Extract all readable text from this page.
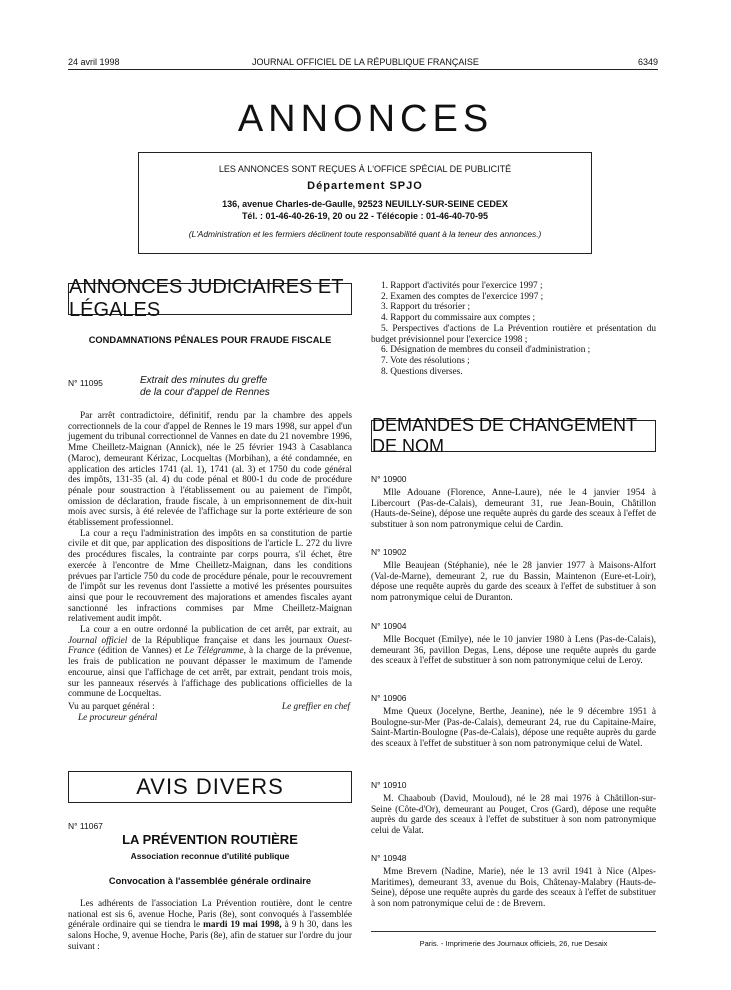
24 avril 1998	JOURNAL OFFICIEL DE LA RÉPUBLIQUE FRANÇAISE	6349
ANNONCES
LES ANNONCES SONT REÇUES À L'OFFICE SPÉCIAL DE PUBLICITÉ
Département SPJO
136, avenue Charles-de-Gaulle, 92523 NEUILLY-SUR-SEINE CEDEX
Tél. : 01-46-40-26-19, 20 ou 22 - Télécopie : 01-46-40-70-95
(L'Administration et les fermiers déclinent toute responsabilité quant à la teneur des annonces.)
ANNONCES JUDICIAIRES ET LÉGALES
CONDAMNATIONS PÉNALES POUR FRAUDE FISCALE
N° 11095	Extrait des minutes du greffe
de la cour d'appel de Rennes

Par arrêt contradictoire, définitif, rendu par la chambre des appels correctionnels de la cour d'appel de Rennes le 19 mars 1998, sur appel d'un jugement du tribunal correctionnel de Vannes en date du 21 novembre 1996, Mme Cheilletz-Maignan (Annick), née le 25 février 1943 à Casablanca (Maroc), demeurant Kérizac, Locqueltas (Morbihan), a été condamnée, en application des articles 1741 (al. 1), 1741 (al. 3) et 1750 du code général des impôts, 131-35 (al. 4) du code pénal et 800-1 du code de procédure pénale pour soustraction à l'établissement ou au paiement de l'impôt, omission de déclaration, fraude fiscale, à un emprisonnement de dix-huit mois avec sursis, à été relevée de l'affichage sur la porte extérieure de son établissement professionnel.

La cour a reçu l'administration des impôts en sa constitution de partie civile et dit que, par application des dispositions de l'article L. 272 du livre des procédures fiscales, la contrainte par corps pourra, s'il échet, être exercée à l'encontre de Mme Cheilletz-Maignan, dans les conditions prévues par l'article 750 du code de procédure pénale, pour le recouvrement de l'impôt sur les revenus dont l'assiette a motivé les présentes poursuites ainsi que pour le recouvrement des majorations et amendes fiscales ayant sanctionné les infractions commises par Mme Cheilletz-Maignan relativement audit impôt.

La cour a en outre ordonné la publication de cet arrêt, par extrait, au Journal officiel de la République française et dans les journaux Ouest-France (édition de Vannes) et Le Télégramme, à la charge de la prévenue, les frais de publication ne pouvant dépasser le maximum de l'amende encourue, ainsi que l'affichage de cet arrêt, par extrait, pendant trois mois, sur les panneaux réservés à l'affichage des publications officielles de la commune de Locqueltas.

Vu au parquet général :	Le greffier en chef
Le procureur général
AVIS DIVERS
N° 11067
LA PRÉVENTION ROUTIÈRE
Association reconnue d'utilité publique
Convocation à l'assemblée générale ordinaire

Les adhérents de l'association La Prévention routière, dont le centre national est sis 6, avenue Hoche, Paris (8e), sont convoqués à l'assemblée générale ordinaire qui se tiendra le mardi 19 mai 1998, à 9 h 30, dans les salons Hoche, 9, avenue Hoche, Paris (8e), afin de statuer sur l'ordre du jour suivant :

1. Rapport d'activités pour l'exercice 1997 ;
2. Examen des comptes de l'exercice 1997 ;
3. Rapport du trésorier ;
4. Rapport du commissaire aux comptes ;
5. Perspectives d'actions de La Prévention routière et présentation du budget prévisionnel pour l'exercice 1998 ;
6. Désignation de membres du conseil d'administration ;
7. Vote des résolutions ;
8. Questions diverses.
DEMANDES DE CHANGEMENT DE NOM
N° 10900

Mlle Adouane (Florence, Anne-Laure), née le 4 janvier 1954 à Libercourt (Pas-de-Calais), demeurant 31, rue Jean-Bouin, Châtillon (Hauts-de-Seine), dépose une requête auprès du garde des sceaux à l'effet de substituer à son nom patronymique celui de Cardin.

N° 10902

Mlle Beaujean (Stéphanie), née le 28 janvier 1977 à Maisons-Alfort (Val-de-Marne), demeurant 2, rue du Bassin, Maintenon (Eure-et-Loir), dépose une requête auprès du garde des sceaux à l'effet de substituer à son nom patronymique celui de Duranton.

N° 10904

Mlle Bocquet (Emilye), née le 10 janvier 1980 à Lens (Pas-de-Calais), demeurant 36, pavillon Degas, Lens, dépose une requête auprès du garde des sceaux à l'effet de substituer à son nom patronymique celui de Leroy.

N° 10906

Mme Queux (Jocelyne, Berthe, Jeanine), née le 9 décembre 1951 à Boulogne-sur-Mer (Pas-de-Calais), demeurant 24, rue du Capitaine-Maire, Saint-Martin-Boulogne (Pas-de-Calais), dépose une requête auprès du garde des sceaux à l'effet de substituer à son nom patronymique celui de Watel.

N° 10910

M. Chaaboub (David, Mouloud), né le 28 mai 1976 à Châtillon-sur-Seine (Côte-d'Or), demeurant au Pouget, Cros (Gard), dépose une requête auprès du garde des sceaux à l'effet de substituer à son nom patronymique celui de Valat.

N° 10948

Mme Brevern (Nadine, Marie), née le 13 avril 1941 à Nice (Alpes-Maritimes), demeurant 33, avenue du Bois, Châtenay-Malabry (Hauts-de-Seine), dépose une requête auprès du garde des sceaux à l'effet de substituer à son nom patronymique celui de : de Brevern.

Paris. - Imprimerie des Journaux officiels, 26, rue Desaix
